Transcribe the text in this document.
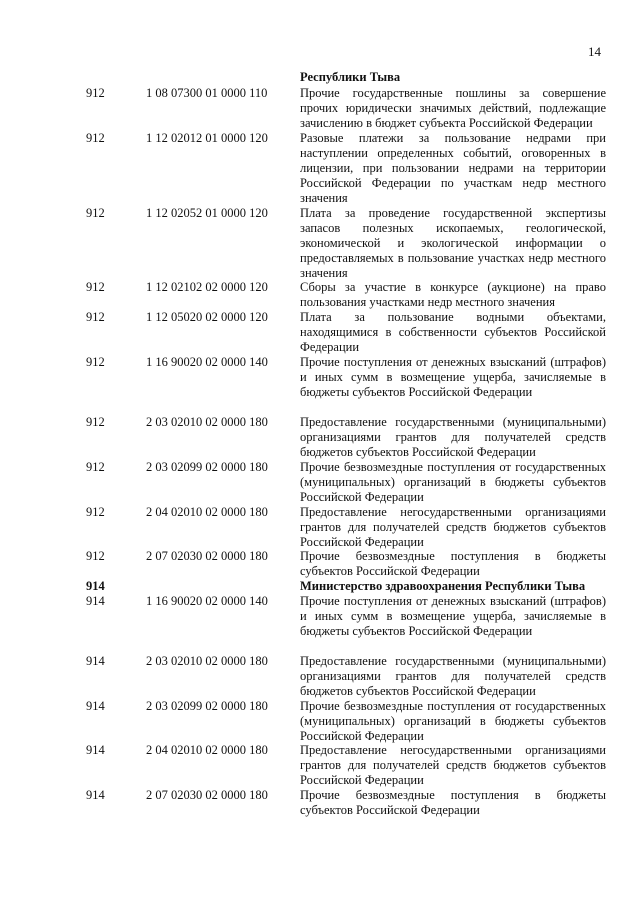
14
Республики Тыва
912	1 08 07300 01 0000 110	Прочие государственные пошлины за совершение прочих юридически значимых действий, подлежащие зачислению в бюджет субъекта Российской Федерации
912	1 12 02012 01 0000 120	Разовые платежи за пользование недрами при наступлении определенных событий, оговоренных в лицензии, при пользовании недрами на территории Российской Федерации по участкам недр местного значения
912	1 12 02052 01 0000 120	Плата за проведение государственной экспертизы запасов полезных ископаемых, геологической, экономической и экологической информации о предоставляемых в пользование участках недр местного значения
912	1 12 02102 02 0000 120	Сборы за участие в конкурсе (аукционе) на право пользования участками недр местного значения
912	1 12 05020 02 0000 120	Плата за пользование водными объектами, находящимися в собственности субъектов Российской Федерации
912	1 16 90020 02 0000 140	Прочие поступления от денежных взысканий (штрафов) и иных сумм в возмещение ущерба, зачисляемые в бюджеты субъектов Российской Федерации
912	2 03 02010 02 0000 180	Предоставление государственными (муниципальными) организациями грантов для получателей средств бюджетов субъектов Российской Федерации
912	2 03 02099 02 0000 180	Прочие безвозмездные поступления от государственных (муниципальных) организаций в бюджеты субъектов Российской Федерации
912	2 04 02010 02 0000 180	Предоставление негосударственными организациями грантов для получателей средств бюджетов субъектов Российской Федерации
912	2 07 02030 02 0000 180	Прочие безвозмездные поступления в бюджеты субъектов Российской Федерации
914	Министерство здравоохранения Республики Тыва
914	1 16 90020 02 0000 140	Прочие поступления от денежных взысканий (штрафов) и иных сумм в возмещение ущерба, зачисляемые в бюджеты субъектов Российской Федерации
914	2 03 02010 02 0000 180	Предоставление государственными (муниципальными) организациями грантов для получателей средств бюджетов субъектов Российской Федерации
914	2 03 02099 02 0000 180	Прочие безвозмездные поступления от государственных (муниципальных) организаций в бюджеты субъектов Российской Федерации
914	2 04 02010 02 0000 180	Предоставление негосударственными организациями грантов для получателей средств бюджетов субъектов Российской Федерации
914	2 07 02030 02 0000 180	Прочие безвозмездные поступления в бюджеты субъектов Российской Федерации
